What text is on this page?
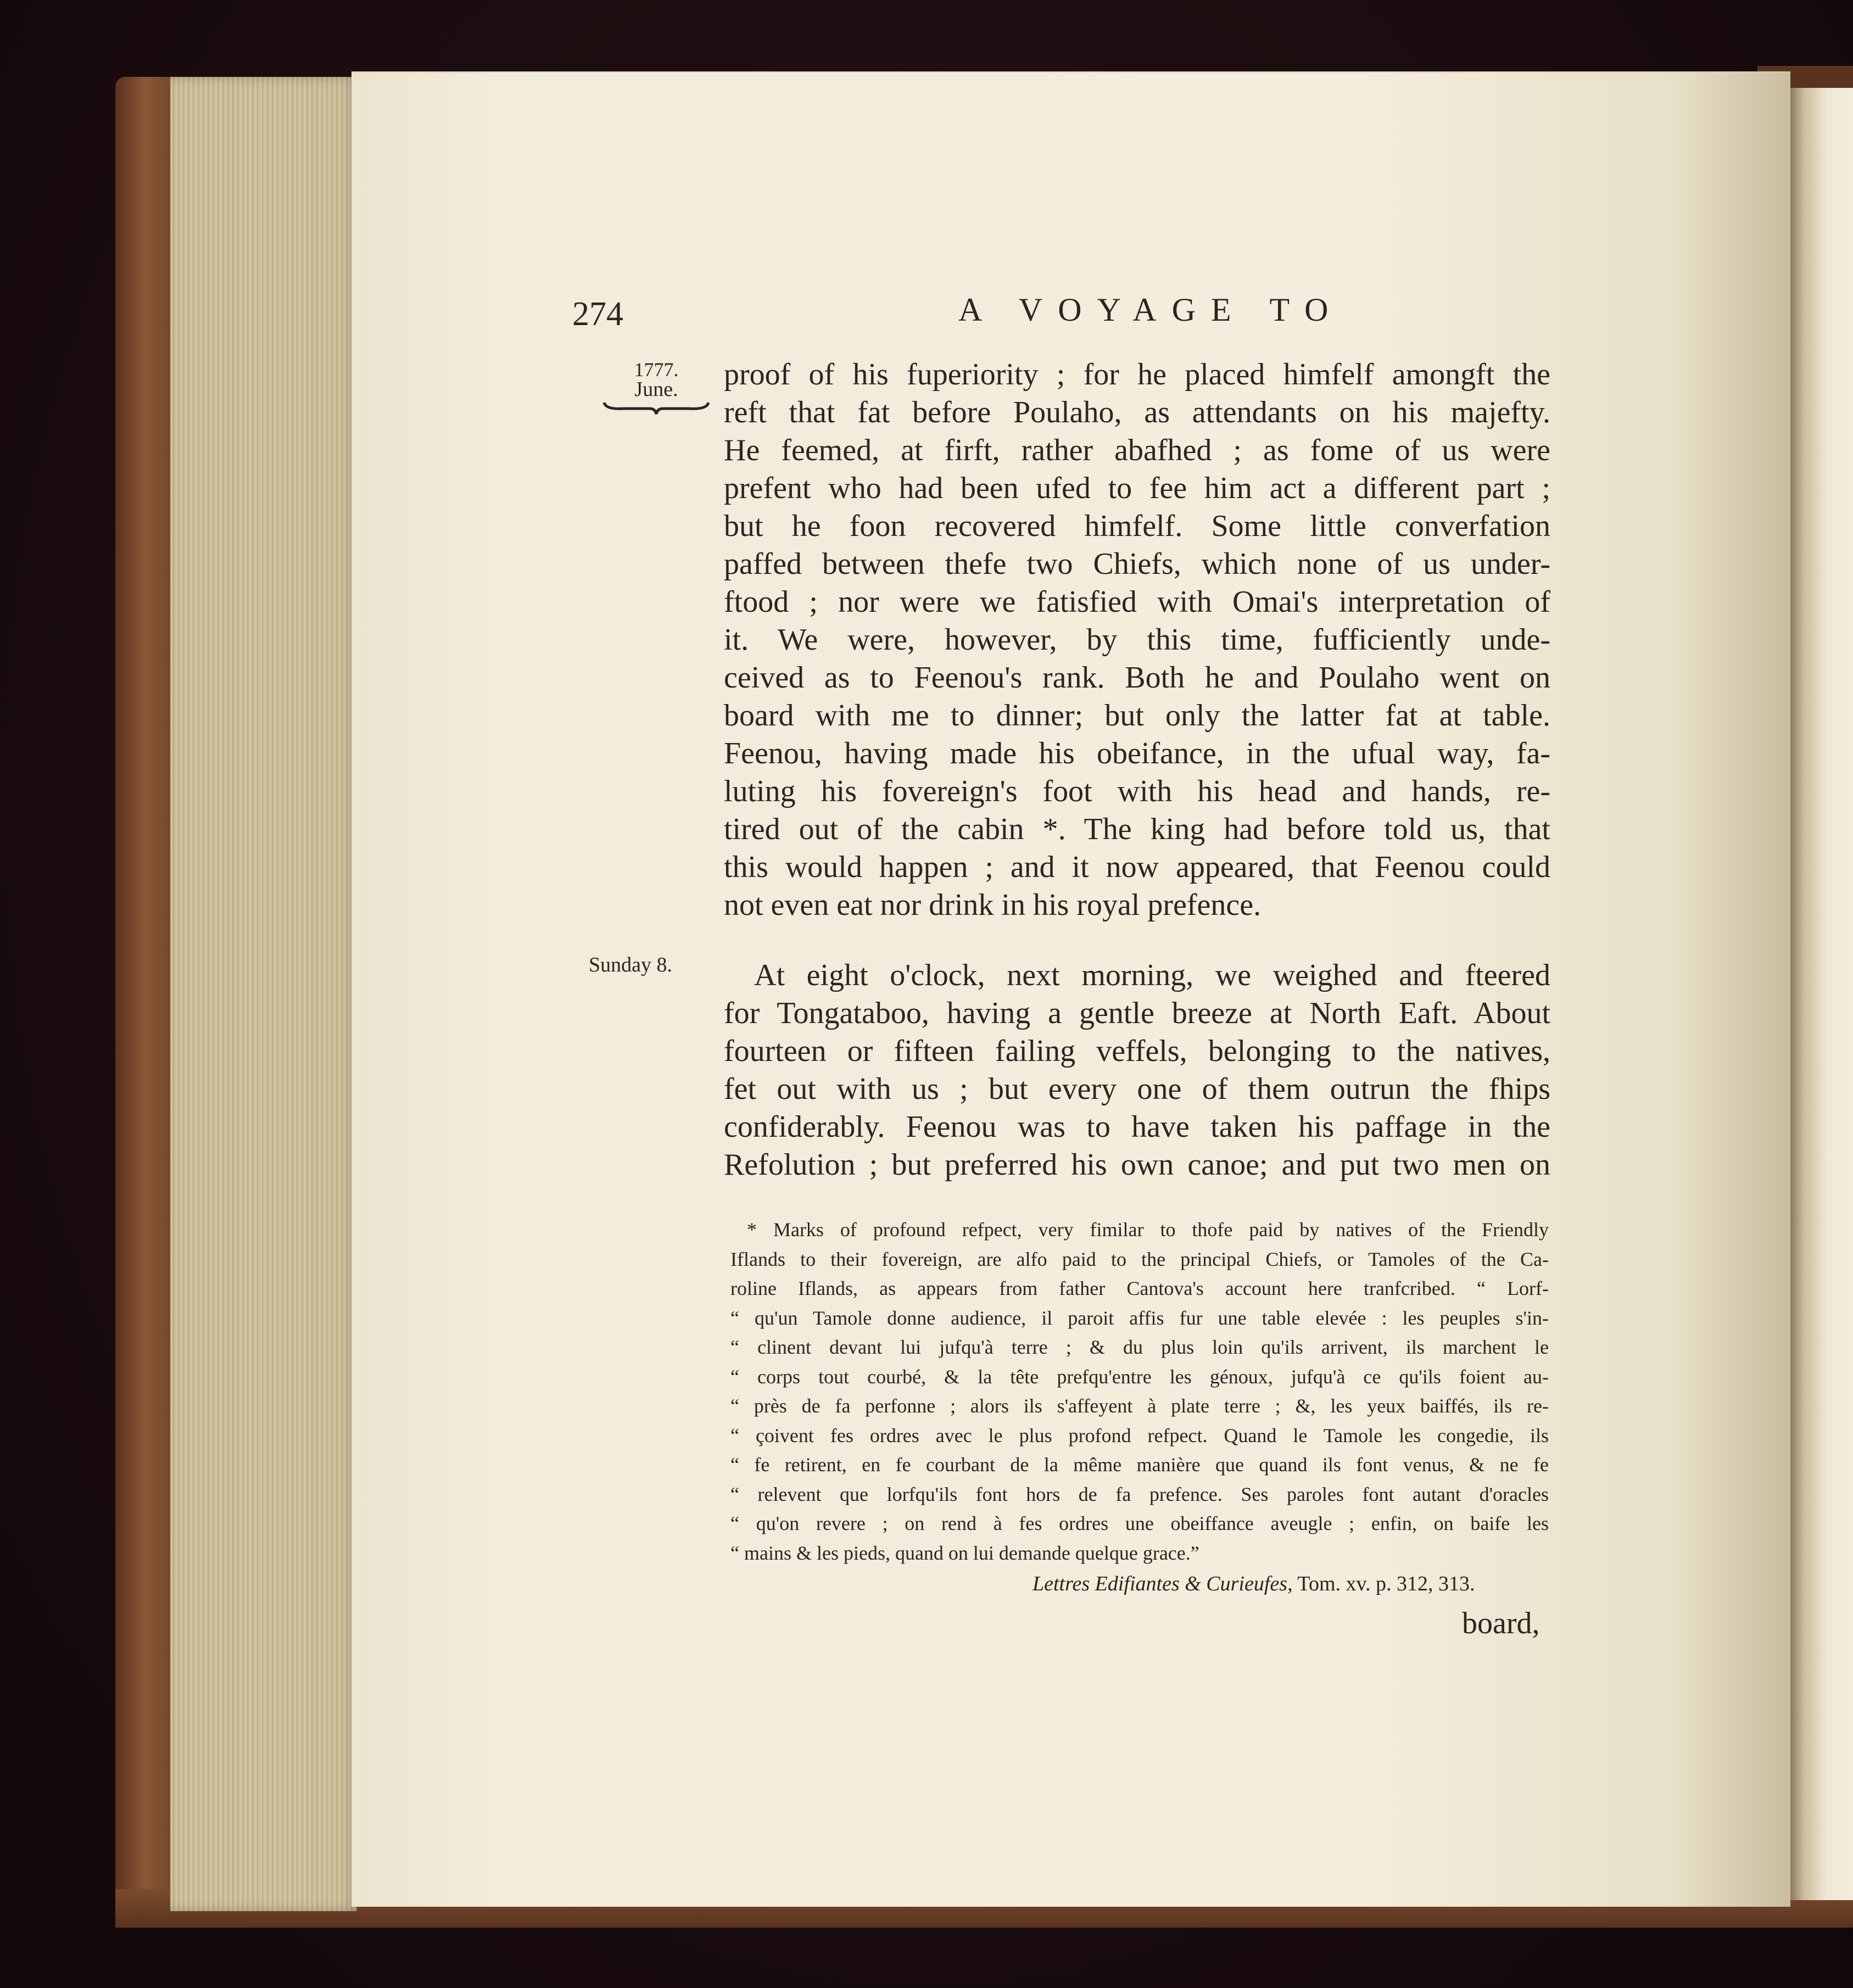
274	A VOYAGE TO
1777.
June.
Sunday 8.
proof of his fuperiority ; for he placed himfelf amongft the
reft that fat before Poulaho, as attendants on his majefty.
He feemed, at firft, rather abafhed ; as fome of us were
prefent who had been ufed to fee him act a different part ;
but he foon recovered himfelf. Some little converfation
paffed between thefe two Chiefs, which none of us under-
ftood ; nor were we fatisfied with Omai's interpretation of
it. We were, however, by this time, fufficiently unde-
ceived as to Feenou's rank. Both he and Poulaho went on
board with me to dinner; but only the latter fat at table.
Feenou, having made his obeifance, in the ufual way, fa-
luting his fovereign's foot with his head and hands, re-
tired out of the cabin *. The king had before told us, that
this would happen ; and it now appeared, that Feenou could
not even eat nor drink in his royal prefence.
At eight o'clock, next morning, we weighed and fteered
for Tongataboo, having a gentle breeze at North Eaft. About
fourteen or fifteen failing veffels, belonging to the natives,
fet out with us ; but every one of them outrun the fhips
confiderably. Feenou was to have taken his paffage in the
Refolution ; but preferred his own canoe; and put two men on
* Marks of profound refpect, very fimilar to thofe paid by natives of the Friendly
Iflands to their fovereign, are alfo paid to the principal Chiefs, or Tamoles of the Ca-
roline Iflands, as appears from father Cantova's account here tranfcribed. “ Lorf-
“ qu'un Tamole donne audience, il paroit affis fur une table elevée : les peuples s'in-
“ clinent devant lui jufqu'à terre ; & du plus loin qu'ils arrivent, ils marchent le
“ corps tout courbé, & la tête prefqu'entre les génoux, jufqu'à ce qu'ils foient au-
“ près de fa perfonne ; alors ils s'affeyent à plate terre ; &, les yeux baiffés, ils re-
“ çoivent fes ordres avec le plus profond refpect. Quand le Tamole les congedie, ils
“ fe retirent, en fe courbant de la même manière que quand ils font venus, & ne fe
“ relevent que lorfqu'ils font hors de fa prefence. Ses paroles font autant d'oracles
“ qu'on revere ; on rend à fes ordres une obeiffance aveugle ; enfin, on baife les
“ mains & les pieds, quand on lui demande quelque grace.”
Lettres Edifiantes & Curieufes, Tom. xv. p. 312, 313.
board,
